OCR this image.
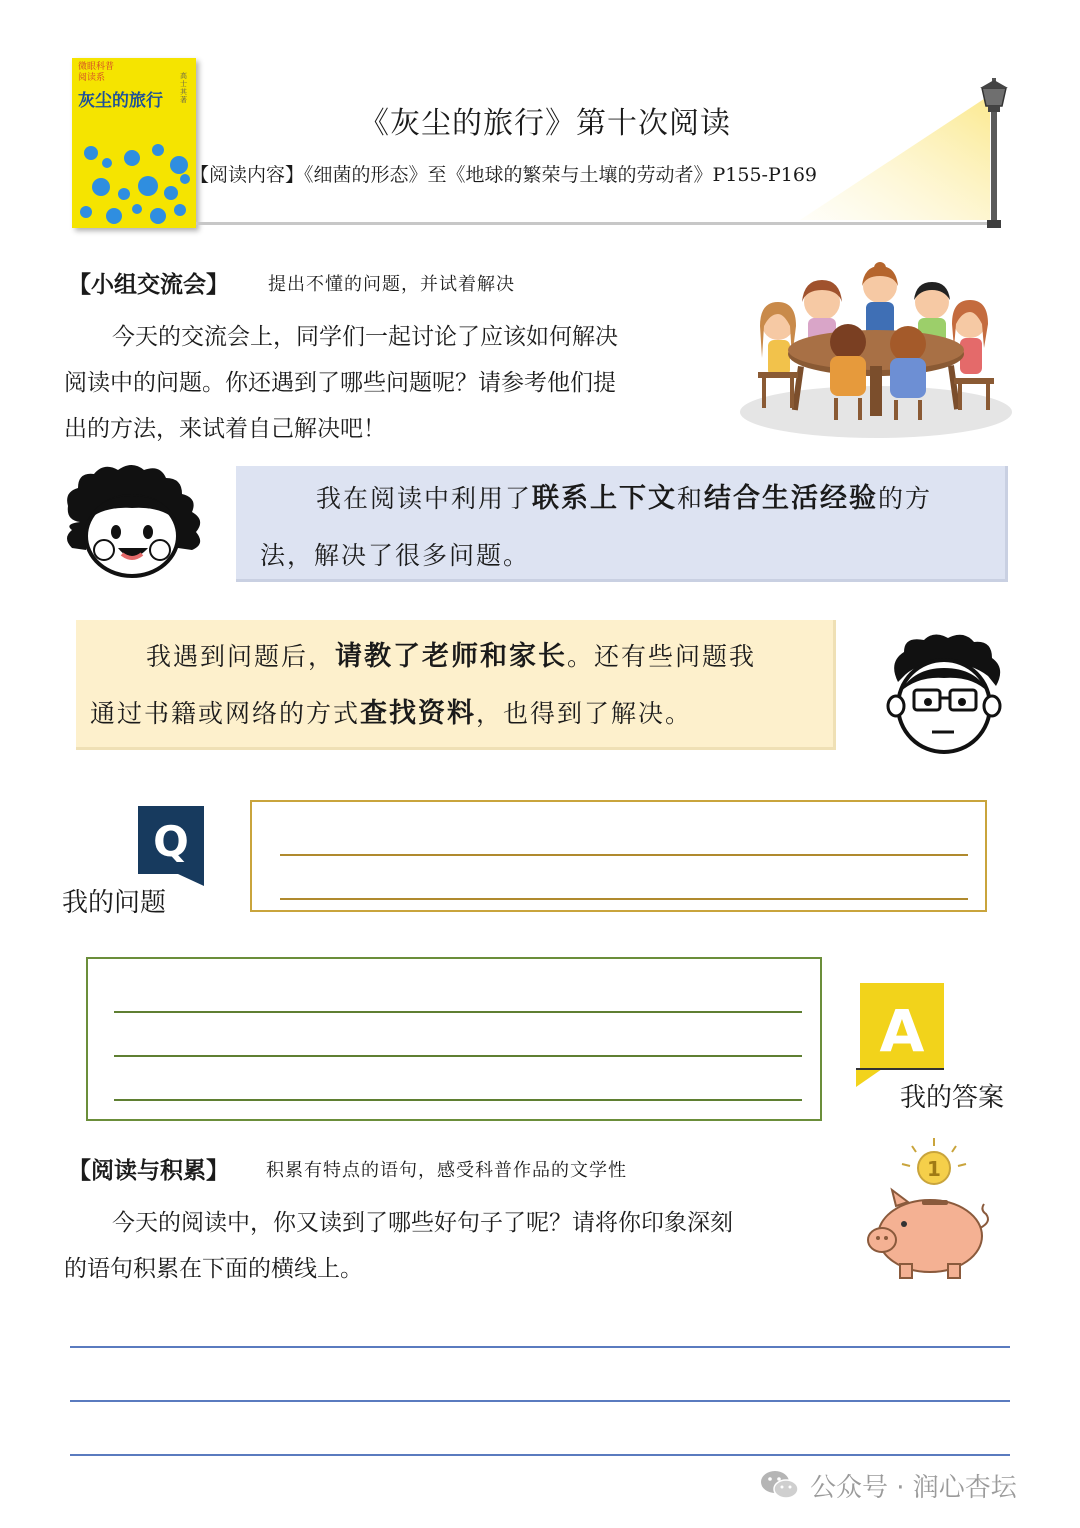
微眼科普
阅读系
灰尘的旅行
高士其 著
《灰尘的旅行》第十次阅读
【阅读内容】《细菌的形态》至《地球的繁荣与土壤的劳动者》P155-P169
【小组交流会】 提出不懂的问题，并试着解决
今天的交流会上，同学们一起讨论了应该如何解决
阅读中的问题。你还遇到了哪些问题呢？请参考他们提
出的方法，来试着自己解决吧！
我在阅读中利用了联系上下文和结合生活经验的方
法，解决了很多问题。
我遇到问题后，请教了老师和家长。还有些问题我
通过书籍或网络的方式查找资料，也得到了解决。
Q
我的问题
A
我的答案
【阅读与积累】 积累有特点的语句，感受科普作品的文学性
今天的阅读中，你又读到了哪些好句子了呢？请将你印象深刻
的语句积累在下面的横线上。
1
公众号 · 润心杏坛
